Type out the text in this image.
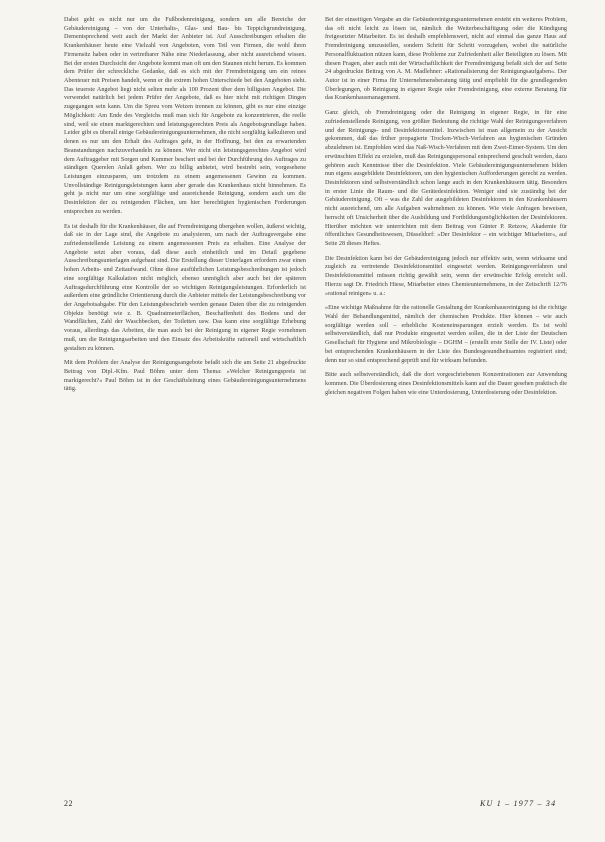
Dabei geht es nicht nur um die Fußbodenreinigung, sondern um alle Bereiche der Gebäudereinigung – von der Unterhalts-, Glas- und Bau- bis Teppichgrundreinigung. Dementsprechend weit auch der Markt der Anbieter ist. Auf Ausschreibungen erhalten die Krankenhäuser heute eine Vielzahl von Angeboten, vom Teil von Firmen, die wohl ihren Firmensitz haben oder in vertretbarer Nähe eine Niederlassung, aber nicht ausreichend wissen. Bei der ersten Durchsicht der Angebote kommt man oft um den Staunen nicht herum. Es kommen dem Prüfer der schreckliche Gedanke, daß es sich mit der Fremdreinigung um ein reines Abenteuer mit Preisen handelt, wenn er die extrem hohen Unterschiede bei den Angeboten sieht. Das teuerste Angebot liegt nicht selten mehr als 100 Prozent über dem billigsten Angebot. Die verwendet natürlich bei jedem Prüfer der Angebote, daß es hier nicht mit richtigen Dingen zugegangen sein kann. Um die Spreu vom Weizen trennen zu können, gibt es nur eine einzige Möglichkeit: Am Ende des Vergleichs muß man sich für Angebote zu konzentrieren, die reelle sind, weil sie einen marktgerechten und leistungsgerechten Preis als Angebotsgrundlage haben. Leider gibt es überall einige Gebäudereinigungsunternehmen, die nicht sorgfältig kalkulieren und denen es nur um den Erhalt des Auftrages geht, in der Hoffnung, bei den zu erwartenden Beanstandungen nachzuverhandeln zu können. Wer nicht ein leistungsgerechtes Angebot wird dem Auftraggeber mit Sorgen und Kummer beschert und bei der Durchführung des Auftrages zu ständigen Querelen Anlaß geben. Wer zu billig anbietet, wird bestrebt sein, vorgesehene Leistungen einzusparen, um trotzdem zu einem angemessenen Gewinn zu kommen. Unvollständige Reinigungsleistungen kann aber gerade das Krankenhaus nicht hinnehmen. Es geht ja nicht nur um eine sorgfältige und ausreichende Reinigung, sondern auch um die Desinfektion der zu reinigenden Flächen, um hier berechtigten hygienischen Forderungen entsprechen zu werden.

Es ist deshalb für die Krankenhäuser, die auf Fremdreinigung übergehen wollen, äußerst wichtig, daß sie in der Lage sind, die Angebote zu analysieren, um nach der Auftragsvergabe eine zufriedenstellende Leistung zu einem angemessenen Preis zu erhalten. Eine Analyse der Angebote setzt aber voraus, daß diese auch einheitlich und im Detail gegebene Ausschreibungsunterlagen aufgebaut sind. Die Erstellung dieser Unterlagen erfordern zwar einen hohen Arbeits- und Zeitaufwand. Ohne diese ausführlichen Leistungsbeschreibungen ist jedoch eine sorgfältige Kalkulation nicht möglich, ebenso unmöglich aber auch bei der späteren Auftragsdurchführung eine Kontrolle der so wichtigen Reinigungsleistungen. Erforderlich ist außerdem eine gründliche Orientierung durch die Anbieter mittels der Leistungsbeschreibung vor der Angebotsabgabe. Für den Leistungsbeschrieb werden genaue Daten über die zu reinigenden Objekte benötigt wie z. B. Quadratmeterflächen, Beschaffenheit des Bodens und der Wandflächen, Zahl der Waschbecken, der Toiletten usw. Das kann eine sorgfältige Erhebung voraus, allerdings das Arbeiten, die man auch bei der Reinigung in eigener Regie vornehmen muß, um die Reinigungsarbeiten und den Einsatz des Arbeitskräfte rationell und wirtschaftlich gestalten zu können.

Mit dem Problem der Analyse der Reinigungsangebote befaßt sich die am Seite 21 abgedruckte Beitrag von Dipl.-Kfm. Paul Böhm unter dem Thema: »Welcher Reinigungspreis ist marktgerecht?« Paul Böhm ist in der Geschäftsleitung eines Gebäudereinigungsunternehmens tätig.

Bei der einseitigen Vergabe an die Gebäudereinigungsunternehmen ersteht ein weiteres Problem, das oft nicht leicht zu lösen ist, nämlich die Weiterbeschäftigung oder die Kündigung freigesetzter Mitarbeiter. Es ist deshalb empfehlenswert, nicht auf einmal das ganze Haus auf Fremdreinigung umzustellen, sondern Schritt für Schritt vorzugehen, wobei die natürliche Personalfluktuation nützen kann, diese Probleme zur Zufriedenheit aller Beteiligten zu lösen. Mit diesen Fragen, aber auch mit der Wirtschaftlichkeit der Fremdreinigung befaßt sich der auf Seite 24 abgedruckte Beitrag von A. M. Madlehner: »Rationalisierung der Reinigungsaufgaben«. Der Autor ist in einer Firma für Unternehmensberatung tätig und empfiehlt für die grundlegenden Überlegungen, ob Reinigung in eigener Regie oder Fremdreinigung, eine externe Beratung für das Krankenhausmanagement.

Ganz gleich, ob Fremdreinigung oder die Reinigung in eigener Regie, in für eine zufriedenstellende Reinigung, von größter Bedeutung die richtige Wahl der Reinigungsverfahren und der Reinigungs- und Desinfektionsmittel. Inzwischen ist man allgemein zu der Ansicht gekommen, daß das früher propagierte Trocken-Wisch-Verfahren aus hygienischen Gründen abzulehnen ist. Empfohlen wird das Naß-Wisch-Verfahren mit dem Zwei-Eimer-System. Um den erwünschten Effekt zu erzielen, muß das Reinigungspersonal entsprechend geschult werden, dazu gehören auch Kenntnisse über die Desinfektion. Viele Gebäudereinigungsunternehmen bilden nun eigens ausgebildete Desinfektoren, um den hygienischen Aufforderungen gerecht zu werden. Desinfektoren sind selbstverständlich schon lange auch in den Krankenhäusern tätig. Besonders in erster Linie die Raum- und die Gerätedesinfektion. Weniger sind sie zuständig bei der Gebäudereinigung. Oft – was die Zahl der ausgebildeten Desinfektoren in den Krankenhäusern nicht ausreichend, um alle Aufgaben wahrnehmen zu können. Wie viele Anfragen beweisen, herrscht oft Unsicherheit über die Ausbildung und Fortbildungsmöglichkeiten der Desinfektoren. Hierüber möchten wir unterrichten mit dem Beitrag von Günter P. Retzow, Akademie für öffentliches Gesundheitswesen, Düsseldorf: »Der Desinfektor – ein wichtiger Mitarbeiter«, auf Seite 28 dieses Heftes.

Die Desinfektion kann bei der Gebäudereinigung jedoch nur effektiv sein, wenn wirksame und zugleich zu vertretende Desinfektionsmittel eingesetzt werden. Reinigungsverfahren und Desinfektionsmittel müssen richtig gewählt sein, wenn der erwünschte Erfolg erreicht soll. Hierzu sagt Dr. Friedrich Hiese, Mitarbeiter eines Chemieunternehmens, in der Zeitschrift 12/76 »rational reinigen« u. a.:

»Eine wichtige Maßnahme für die rationelle Gestaltung der Krankenhausreinigung ist die richtige Wahl der Behandlungsmittel, nämlich der chemischen Produkte. Hier können – wie auch sorgfältige werden soll – erhebliche Kosteneinsparungen erzielt werden. Es ist wohl selbstverständlich, daß nur Produkte eingesetzt werden sollen, die in der Liste der Deutschen Gesellschaft für Hygiene und Mikrobiologie – DGHM – (erstellt erste Stelle der IV. Liste) oder bei entsprechenden Krankenhäusern in der Liste des Bundesgesundheitsamtes registriert sind; denn nur so sind entsprechend geprüft und für wirksam befunden.

Bitte auch selbstverständlich, daß die dort vorgeschriebenen Konzentrationen zur Anwendung kommen. Die Überdosierung eines Desinfektionsmittels kann auf die Dauer gesehen praktisch die gleichen negativen Folgen haben wie eine Unterdosierung, Unterdosierung oder Desinfektion.

22	KU 1 – 1977 – 34
